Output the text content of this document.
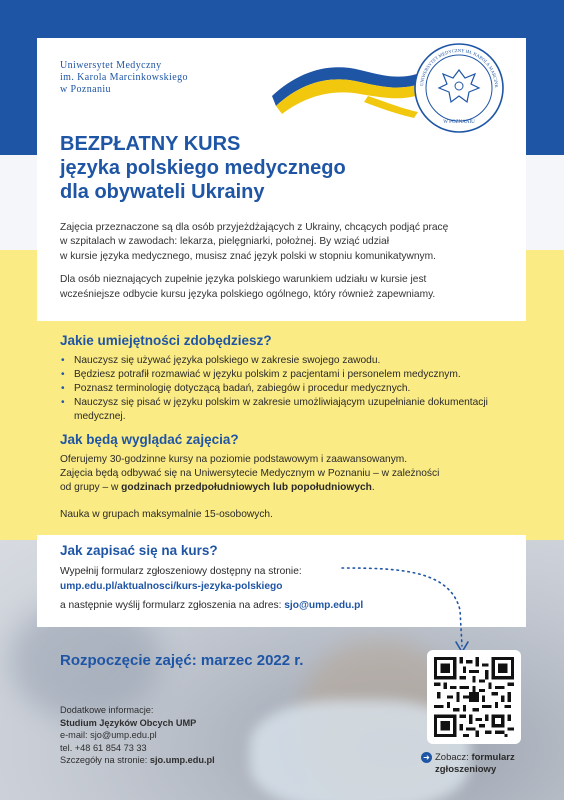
Uniwersytet Medyczny
im. Karola Marcinkowskiego
w Poznaniu	UNIWERSYTET MEDYCZNY IM. KAROLA MARCINK
W POZNANIU
BEZPŁATNY KURS
języka polskiego medycznego
dla obywateli Ukrainy

Zajęcia przeznaczone są dla osób przyjeżdżających z Ukrainy, chcących podjąć pracę
w szpitalach w zawodach: lekarza, pielęgniarki, położnej. By wziąć udział
w kursie języka medycznego, musisz znać język polski w stopniu komunikatywnym.

Dla osób nieznających zupełnie języka polskiego warunkiem udziału w kursie jest
wcześniejsze odbycie kursu języka polskiego ogólnego, który również zapewniamy.

Jakie umiejętności zdobędziesz?
• Nauczysz się używać języka polskiego w zakresie swojego zawodu.
• Będziesz potrafił rozmawiać w języku polskim z pacjentami i personelem medycznym.
• Poznasz terminologię dotyczącą badań, zabiegów i procedur medycznych.
• Nauczysz się pisać w języku polskim w zakresie umożliwiającym uzupełnianie dokumentacji medycznej.
Jak będą wyglądać zajęcia?

Oferujemy 30-godzinne kursy na poziomie podstawowym i zaawansowanym.
Zajęcia będą odbywać się na Uniwersytecie Medycznym w Poznaniu – w zależności
od grupy – w godzinach przedpołudniowych lub popołudniowych.

Nauka w grupach maksymalnie 15-osobowych.

Jak zapisać się na kurs?
Wypełnij formularz zgłoszeniowy dostępny na stronie:
ump.edu.pl/aktualnosci/kurs-jezyka-polskiego
a następnie wyślij formularz zgłoszenia na adres: sjo@ump.edu.pl
Rozpoczęcie zajęć: marzec 2022 r.
Dodatkowe informacje:
Studium Języków Obcych UMP
e-mail: sjo@ump.edu.pl
tel. +48 61 854 73 33
Szczegóły na stronie: sjo.ump.edu.pl	➜ Zobacz: formularz
zgłoszeniowy
